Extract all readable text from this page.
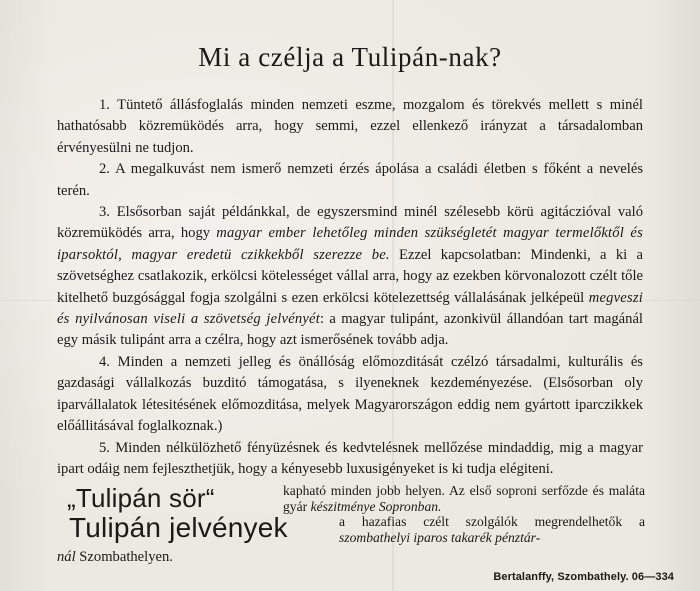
Mi a czélja a Tulipán-nak?

1. Tüntető állásfoglalás minden nemzeti eszme, mozgalom és törekvés mellett s minél hathatósabb közremüködés arra, hogy semmi, ezzel ellenkező irányzat a társadalomban érvényesülni ne tudjon.

2. A megalkuvást nem ismerő nemzeti érzés ápolása a családi életben s főként a nevelés terén.

3. Elsősorban saját példánkkal, de egyszersmind minél szélesebb körü agitáczióval való közremüködés arra, hogy magyar ember lehetőleg minden szükségletét magyar termelőktől és iparsoktól, magyar eredetü czikkekből szerezze be. Ezzel kapcsolatban: Mindenki, a ki a szövetséghez csatlakozik, erkölcsi kötelességet vállal arra, hogy az ezekben körvonalozott czélt tőle kitelhető buzgósággal fogja szolgálni s ezen erkölcsi kötelezettség vállalásának jelképeül megveszi és nyilvánosan viseli a szövetség jelvényét: a magyar tulipánt, azonkivül állandóan tart magánál egy másik tulipánt arra a czélra, hogy azt ismerősének tovább adja.

4. Minden a nemzeti jelleg és önállóság előmozditását czélzó társadalmi, kulturális és gazdasági vállalkozás buzditó támogatása, s ilyeneknek kezdeményezése. (Elsősorban oly iparvállalatok létesitésének előmozditása, melyek Magyarországon eddig nem gyártott iparczikkek előállitásával foglalkoznak.)

5. Minden nélkülözhető fényüzésnek és kedvtelésnek mellőzése mindaddig, mig a magyar ipart odáig nem fejleszthetjük, hogy a kényesebb luxusigényeket is ki tudja elégiteni.

„Tulipán sör“	kapható minden jobb helyen. Az első soproni serfőzde és maláta gyár készitménye Sopronban.
Tulipán jelvények	a hazafias czélt szolgálók megrendelhetők a szombathelyi iparos takarék pénztár-
nál Szombathelyen.
Bertalanffy, Szombathely. 06—334
